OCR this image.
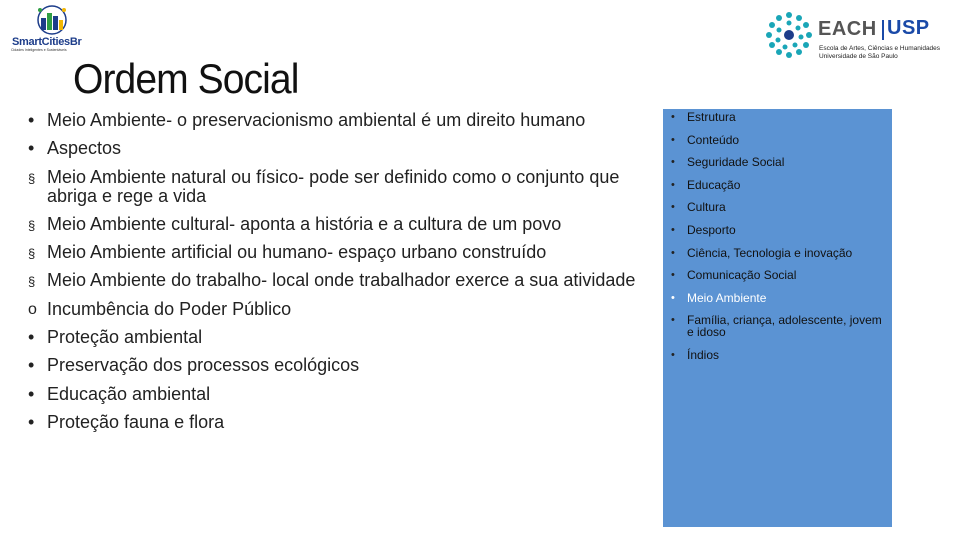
SmartCitiesBr
Cidades Inteligentes e Sustentáveis
EACH USP
Escola de Artes, Ciências e Humanidades
Universidade de São Paulo
Ordem Social
• Meio Ambiente- o preservacionismo ambiental é um direito humano
• Aspectos
§ Meio Ambiente natural ou físico- pode ser definido como o conjunto que abriga e rege a vida
§ Meio Ambiente cultural- aponta a história e a cultura de um povo
§ Meio Ambiente artificial ou humano- espaço urbano construído
§ Meio Ambiente do trabalho- local onde trabalhador exerce a sua atividade
o Incumbência do Poder Público
• Proteção ambiental
• Preservação dos processos ecológicos
• Educação ambiental
• Proteção fauna e flora
• Estrutura
• Conteúdo
• Seguridade Social
• Educação
• Cultura
• Desporto
• Ciência, Tecnologia e inovação
• Comunicação Social
• Meio Ambiente
• Família, criança, adolescente, jovem e idoso
• Índios
